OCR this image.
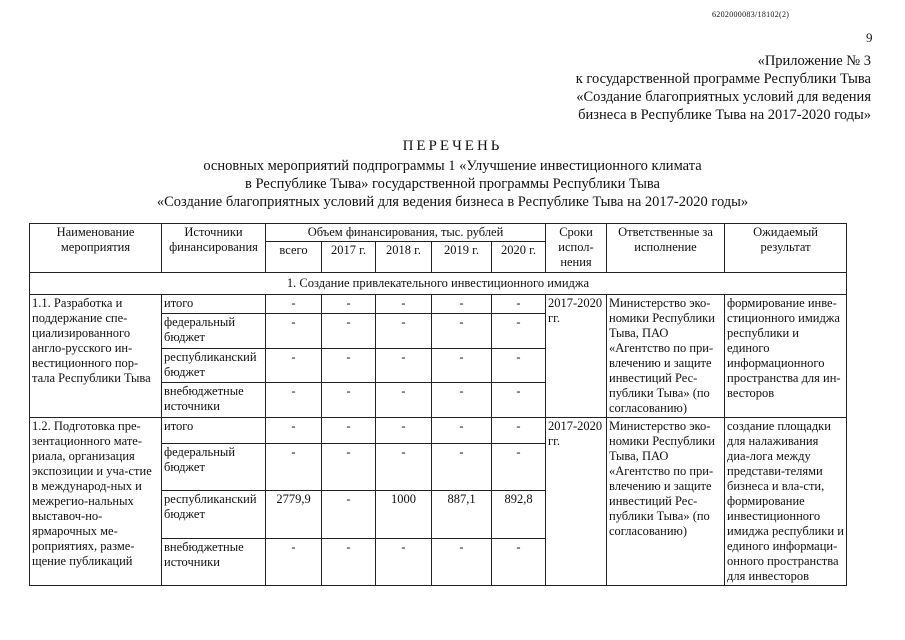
6202000083/18102(2)
9
«Приложение № 3
к государственной программе Республики Тыва
«Создание благоприятных условий для ведения
бизнеса в Республике Тыва на 2017-2020 годы»
ПЕРЕЧЕНЬ
основных мероприятий подпрограммы 1 «Улучшение инвестиционного климата
в Республике Тыва» государственной программы Республики Тыва
«Создание благоприятных условий для ведения бизнеса в Республике Тыва на 2017-2020 годы»
Наименование мероприятия	Источники финансирования	Объем финансирования, тыс. рублей					Сроки испол-нения	Ответственные за исполнение	Ожидаемый результат
		всего	2017 г.	2018 г.	2019 г.	2020 г.			
1. Создание привлекательного инвестиционного имиджа									
1.1. Разработка и поддержание спе-циализированного англо-русского ин-вестиционного пор-тала Республики Тыва	итого	-	-	-	-	-	2017-2020 гг.	Министерство эко-номики Республики Тыва, ПАО «Агентство по при-влечению и защите инвестиций Рес-публики Тыва» (по согласованию)	формирование инве-стиционного имиджа республики и единого информационного пространства для ин-весторов
	федеральный бюджет	-	-	-	-	-			
	республиканский бюджет	-	-	-	-	-			
	внебюджетные источники	-	-	-	-	-			
1.2. Подготовка пре-зентационного мате-риала, организация экспозиции и уча-стие в международ-ных и межрегио-нальных выставоч-но-ярмарочных ме-роприятиях, разме-щение публикаций	итого	-	-	-	-	-	2017-2020 гг.	Министерство эко-номики Республики Тыва, ПАО «Агентство по при-влечению и защите инвестиций Рес-публики Тыва» (по согласованию)	создание площадки для налаживания диа-лога между представи-телями бизнеса и вла-сти, формирование инвестиционного имиджа республики и единого информаци-онного пространства для инвесторов
	федеральный бюджет	-	-	-	-	-			
	республиканский бюджет	2779,9	-	1000	887,1	892,8			
	внебюджетные источники	-	-	-	-	-			
